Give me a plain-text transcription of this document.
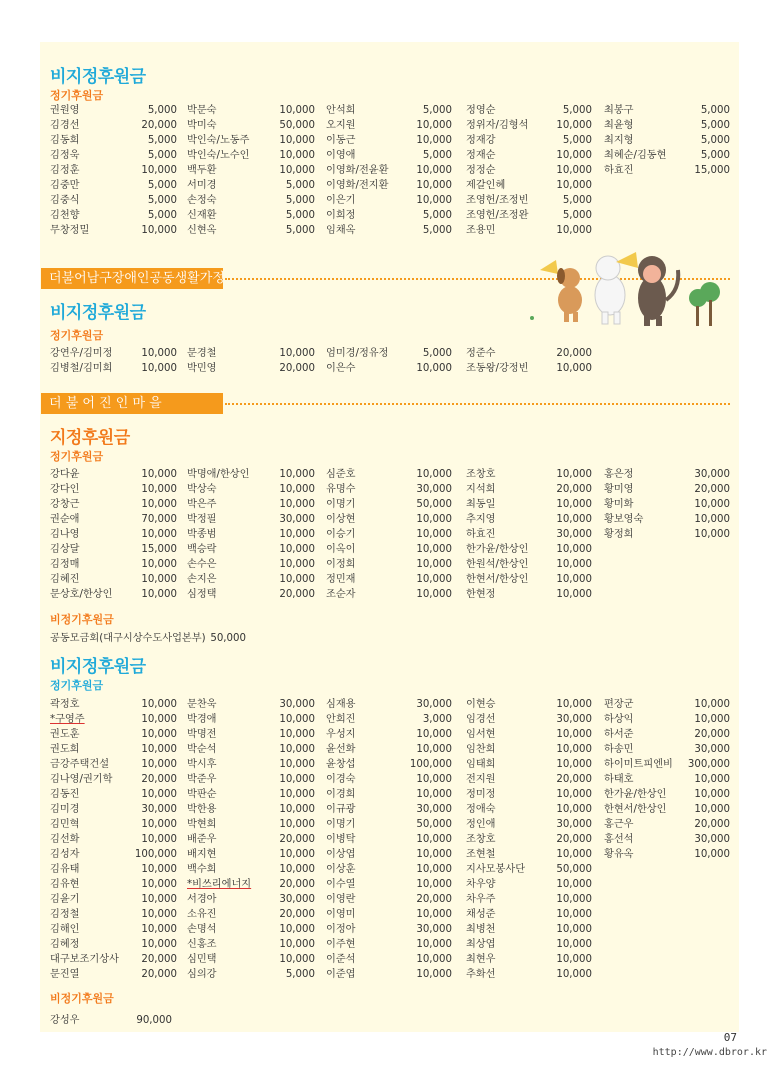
비지정후원금
정기후원금
권원영	5,000
김경선	20,000
김동희	5,000
김정욱	5,000
김정훈	10,000
김중만	5,000
김중식	5,000
김천향	5,000
무창정밀	10,000
박문숙	10,000
박미숙	50,000
박인숙/노동주	10,000
박인숙/노수인	10,000
백두환	10,000
서미경	5,000
손정숙	5,000
신재환	5,000
신현옥	5,000
안석희	5,000
오지원	10,000
이동근	10,000
이영애	5,000
이영화/전윤환	10,000
이영화/전지환	10,000
이은기	10,000
이희정	5,000
임채옥	5,000
정영순	5,000
정위자/김형석	10,000
정재강	5,000
정재순	10,000
정정순	10,000
제갈인혜	10,000
조영헌/조정빈	5,000
조영헌/조정완	5,000
조용민	10,000
최봉구	5,000
최윤형	5,000
최지형	5,000
최혜순/김동현	5,000
하효진	15,000
더불어남구장애인공동생활가정
비지정후원금
정기후원금
강연우/김미정	10,000
김병철/김미희	10,000
문경철	10,000
박민영	20,000
엄미경/정유정	5,000
이은수	10,000
정준수	20,000
조동왕/강정빈	10,000
더 불 어 진 인 마 을
지정후원금
정기후원금
강다윤	10,000
강다인	10,000
강창근	10,000
권순애	70,000
김나영	10,000
김상달	15,000
김정매	10,000
김혜진	10,000
문상호/한상인	10,000
박명애/한상인	10,000
박상숙	10,000
박은주	10,000
박정필	30,000
박종범	10,000
백승락	10,000
손수은	10,000
손지은	10,000
심정택	20,000
심준호	10,000
유명수	30,000
이명기	50,000
이상현	10,000
이승기	10,000
이옥이	10,000
이정희	10,000
정민재	10,000
조순자	10,000
조창호	10,000
지석희	20,000
최동일	10,000
추지영	10,000
하효진	30,000
한가윤/한상인	10,000
한원석/한상인	10,000
한현서/한상인	10,000
한현정	10,000
홍은정	30,000
황미영	20,000
황미화	10,000
황보영숙	10,000
황정희	10,000
비정기후원금
공동모금회(대구시상수도사업본부) 50,000
비지정후원금
정기후원금
곽정호	10,000
*구영주	10,000
권도훈	10,000
권도희	10,000
금강주택건설	10,000
김나영/권기학	20,000
김동진	10,000
김미경	30,000
김민혁	10,000
김선화	10,000
김성자	100,000
김유태	10,000
김유현	10,000
김윤기	10,000
김정철	10,000
김해인	10,000
김혜정	10,000
대구보조기상사 20,000
문진열	20,000
문찬욱	30,000
박경애	10,000
박명전	10,000
박순석	10,000
박시후	10,000
박준우	10,000
박판순	10,000
박한용	10,000
박현희	10,000
배준우	20,000
배지현	10,000
백수희	10,000
*비쓰리에너지	20,000
서경아	30,000
소유진	20,000
손명석	10,000
신홍조	10,000
심민택	10,000
심의강	5,000
심재용	30,000
안희진	3,000
우성지	10,000
윤선화	10,000
윤창섭	100,000
이경숙	10,000
이경희	10,000
이규광	30,000
이명기	50,000
이병탁	10,000
이상엽	10,000
이상훈	10,000
이수열	10,000
이영란	20,000
이영미	10,000
이정아	30,000
이주현	10,000
이준석	10,000
이준엽	10,000
이현승	10,000
임경선	30,000
임서현	10,000
임찬희	10,000
임태희	10,000
전지원	20,000
정미정	10,000
정애숙	10,000
정인애	30,000
조창호	20,000
조현철	10,000
지사모봉사단	50,000
차우양	10,000
차우주	10,000
채성준	10,000
최병천	10,000
최상엽	10,000
최현우	10,000
추화선	10,000
편장군	10,000
하상익	10,000
하서준	20,000
하송민	30,000
하이미트피엔비 300,000
하태호	10,000
한가윤/한상인	10,000
한현서/한상인	10,000
홍근우	20,000
홍선석	30,000
황유옥	10,000
비정기후원금
강성우	90,000
07
http://www.dbror.kr
